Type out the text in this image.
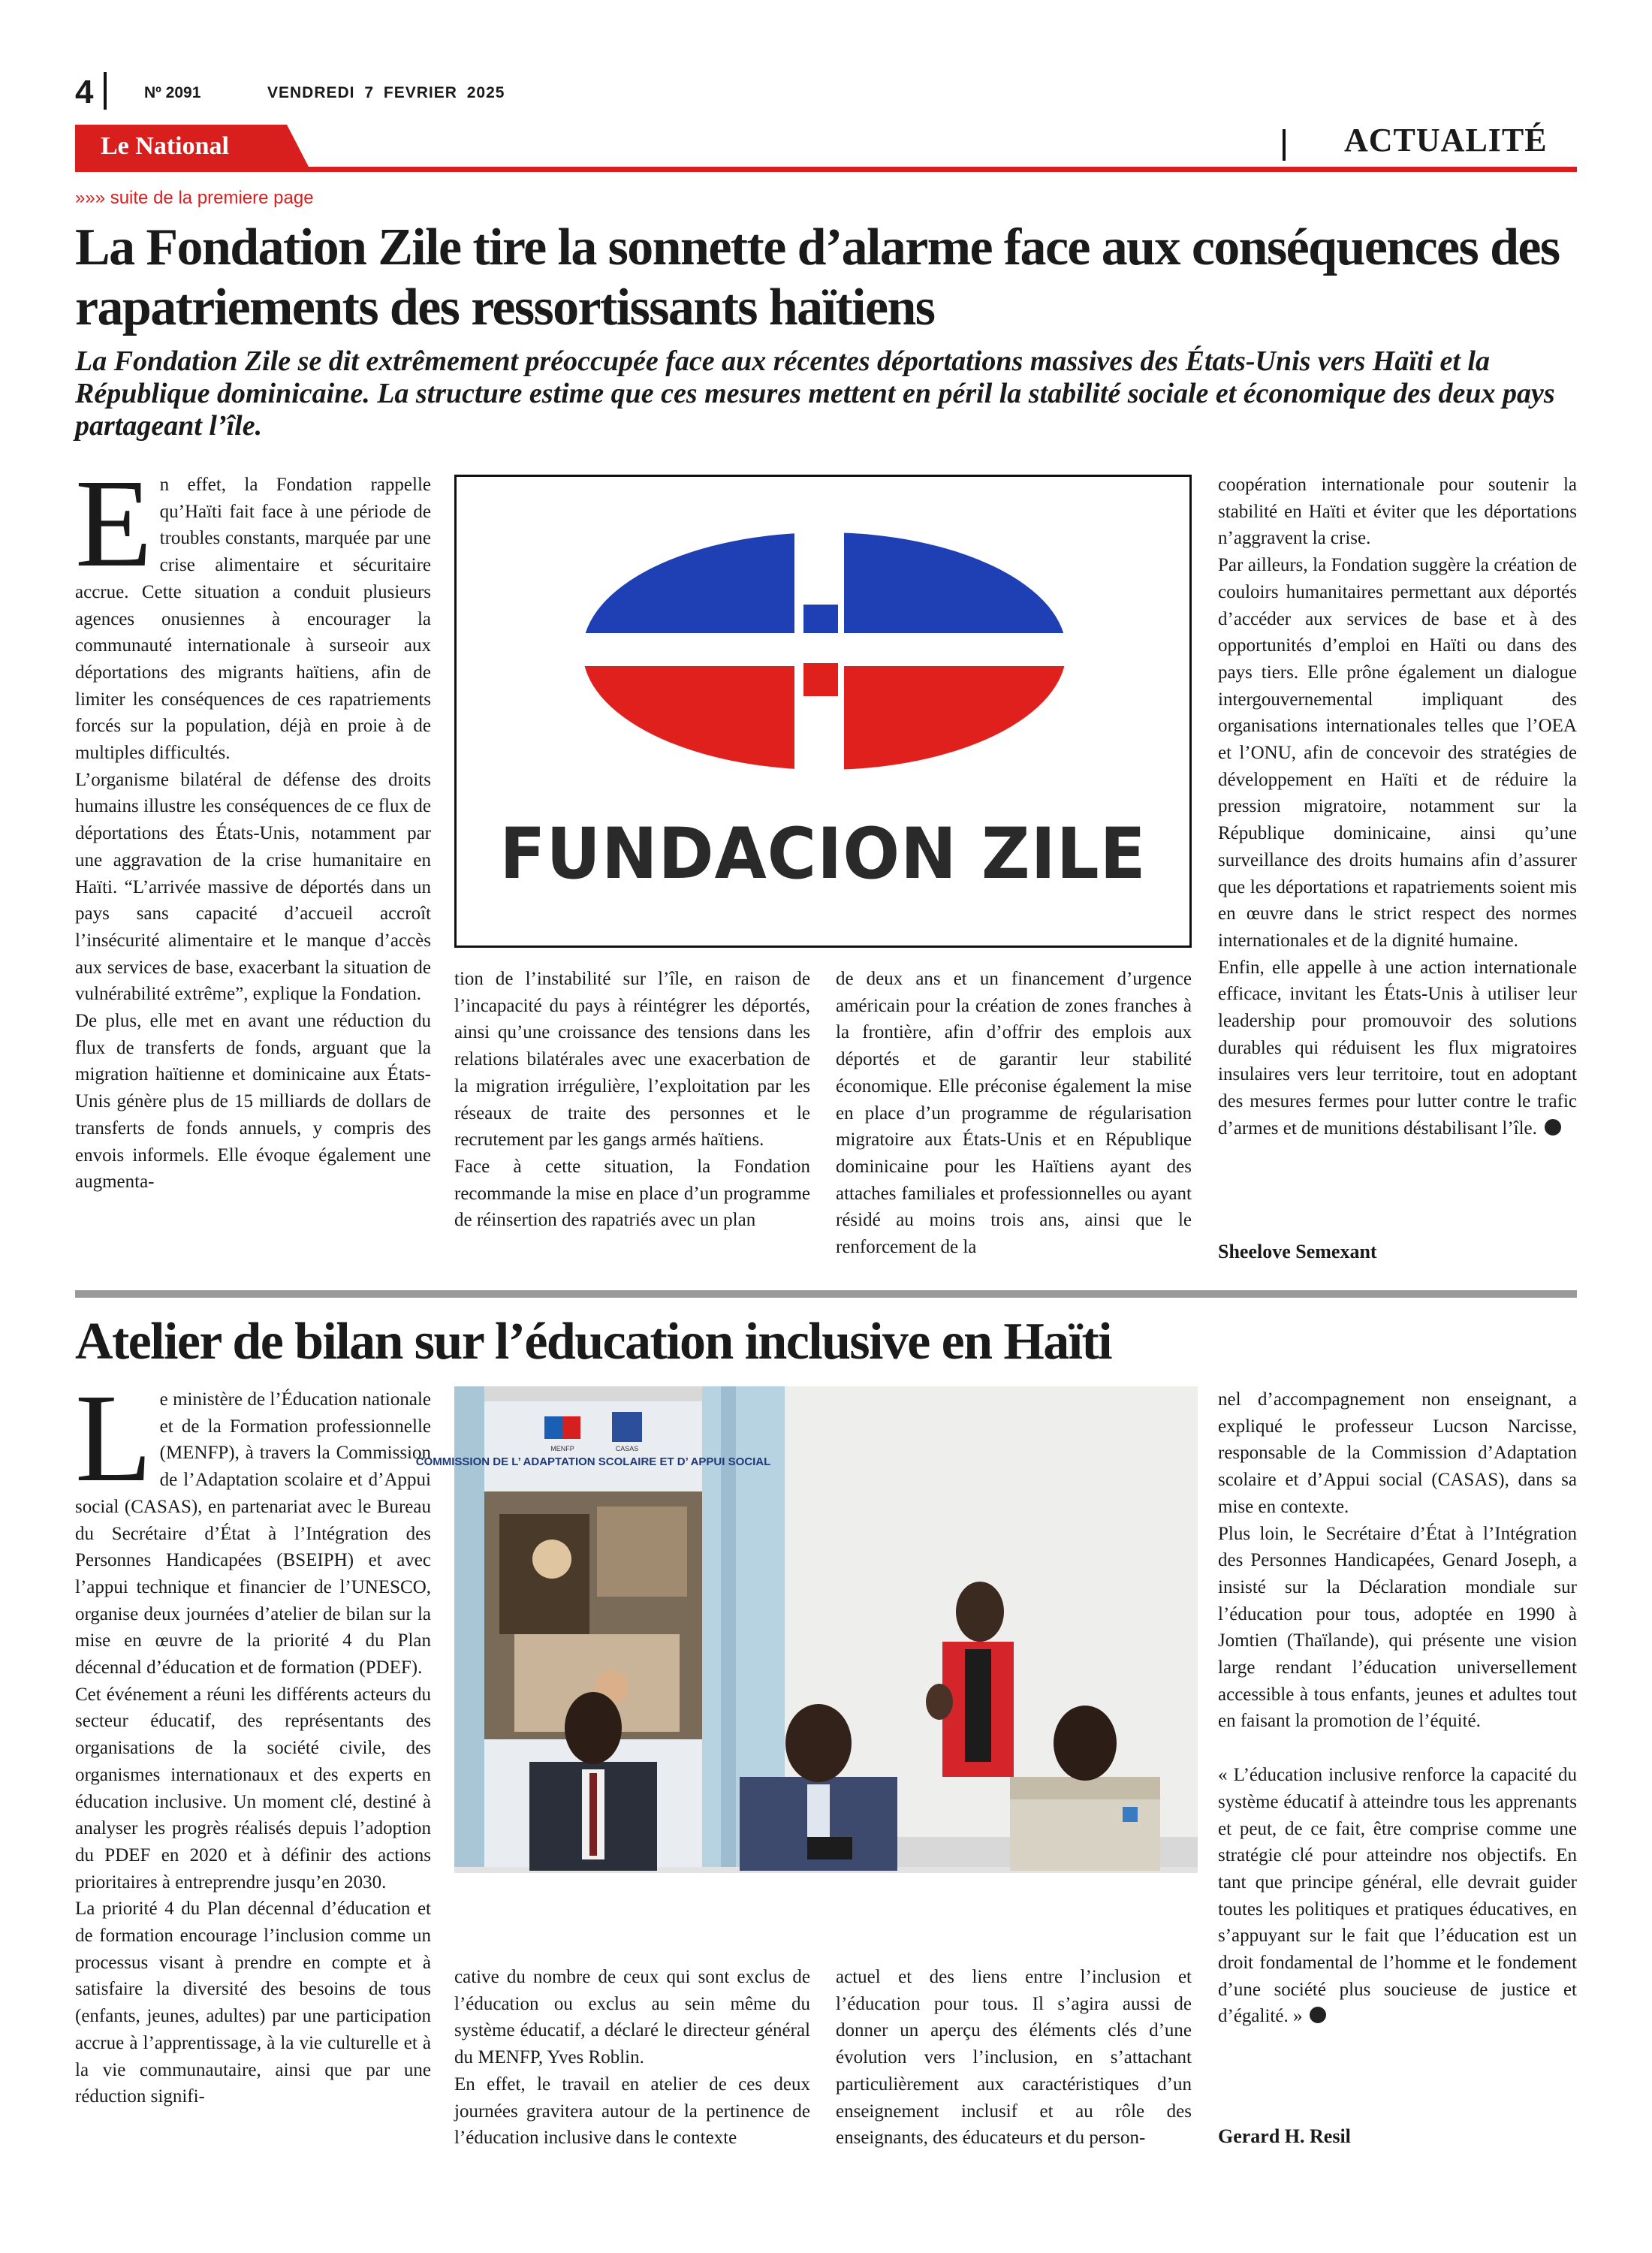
4	Nº 2091	VENDREDI 7 FEVRIER 2025
Le National	ACTUALITÉ
»»» suite de la premiere page
La Fondation Zile tire la sonnette d’alarme face aux conséquences des rapatriements des ressortissants haïtiens

La Fondation Zile se dit extrêmement préoccupée face aux récentes déportations massives des États-Unis vers Haïti et la République dominicaine. La structure estime que ces mesures mettent en péril la stabilité sociale et économique des deux pays partageant l’île.

En effet, la Fondation rappelle qu’Haïti fait face à une période de troubles constants, marquée par une crise alimentaire et sécuritaire accrue. Cette situation a conduit plusieurs agences onusiennes à encourager la communauté internationale à surseoir aux déportations des migrants haïtiens, afin de limiter les conséquences de ces rapatriements forcés sur la population, déjà en proie à de multiples difficultés.

L’organisme bilatéral de défense des droits humains illustre les conséquences de ce flux de déportations des États-Unis, notamment par une aggravation de la crise humanitaire en Haïti. “L’arrivée massive de déportés dans un pays sans capacité d’accueil accroît l’insécurité alimentaire et le manque d’accès aux services de base, exacerbant la situation de vulnérabilité extrême”, explique la Fondation.

De plus, elle met en avant une réduction du flux de transferts de fonds, arguant que la migration haïtienne et dominicaine aux États-Unis génère plus de 15 milliards de dollars de transferts de fonds annuels, y compris des envois informels. Elle évoque également une augmenta-

FUNDACION ZILE

tion de l’instabilité sur l’île, en raison de l’incapacité du pays à réintégrer les déportés, ainsi qu’une croissance des tensions dans les relations bilatérales avec une exacerbation de la migration irrégulière, l’exploitation par les réseaux de traite des personnes et le recrutement par les gangs armés haïtiens.

Face à cette situation, la Fondation recommande la mise en place d’un programme de réinsertion des rapatriés avec un plan

de deux ans et un financement d’urgence américain pour la création de zones franches à la frontière, afin d’offrir des emplois aux déportés et de garantir leur stabilité économique. Elle préconise également la mise en place d’un programme de régularisation migratoire aux États-Unis et en République dominicaine pour les Haïtiens ayant des attaches familiales et professionnelles ou ayant résidé au moins trois ans, ainsi que le renforcement de la

coopération internationale pour soutenir la stabilité en Haïti et éviter que les déportations n’aggravent la crise.

Par ailleurs, la Fondation suggère la création de couloirs humanitaires permettant aux déportés d’accéder aux services de base et à des opportunités d’emploi en Haïti ou dans des pays tiers. Elle prône également un dialogue intergouvernemental impliquant des organisations internationales telles que l’OEA et l’ONU, afin de concevoir des stratégies de développement en Haïti et de réduire la pression migratoire, notamment sur la République dominicaine, ainsi qu’une surveillance des droits humains afin d’assurer que les déportations et rapatriements soient mis en œuvre dans le strict respect des normes internationales et de la dignité humaine.

Enfin, elle appelle à une action internationale efficace, invitant les États-Unis à utiliser leur leadership pour promouvoir des solutions durables qui réduisent les flux migratoires insulaires vers leur territoire, tout en adoptant des mesures fermes pour lutter contre le trafic d’armes et de munitions déstabilisant l’île.

Sheelove Semexant
Atelier de bilan sur l’éducation inclusive en Haïti

Le ministère de l’Éducation nationale et de la Formation professionnelle (MENFP), à travers la Commission de l’Adaptation scolaire et d’Appui social (CASAS), en partenariat avec le Bureau du Secrétaire d’État à l’Intégration des Personnes Handicapées (BSEIPH) et avec l’appui technique et financier de l’UNESCO, organise deux journées d’atelier de bilan sur la mise en œuvre de la priorité 4 du Plan décennal d’éducation et de formation (PDEF).

Cet événement a réuni les différents acteurs du secteur éducatif, des représentants des organisations de la société civile, des organismes internationaux et des experts en éducation inclusive. Un moment clé, destiné à analyser les progrès réalisés depuis l’adoption du PDEF en 2020 et à définir des actions prioritaires à entreprendre jusqu’en 2030.

La priorité 4 du Plan décennal d’éducation et de formation encourage l’inclusion comme un processus visant à prendre en compte et à satisfaire la diversité des besoins de tous (enfants, jeunes, adultes) par une participation accrue à l’apprentissage, à la vie culturelle et à la vie communautaire, ainsi que par une réduction signifi-

COMMISSION DE L’ ADAPTATION SCOLAIRE ET D’ APPUI SOCIAL
MENFP	CASAS

cative du nombre de ceux qui sont exclus de l’éducation ou exclus au sein même du système éducatif, a déclaré le directeur général du MENFP, Yves Roblin.

En effet, le travail en atelier de ces deux journées gravitera autour de la pertinence de l’éducation inclusive dans le contexte

actuel et des liens entre l’inclusion et l’éducation pour tous. Il s’agira aussi de donner un aperçu des éléments clés d’une évolution vers l’inclusion, en s’attachant particulièrement aux caractéristiques d’un enseignement inclusif et au rôle des enseignants, des éducateurs et du person-

nel d’accompagnement non enseignant, a expliqué le professeur Lucson Narcisse, responsable de la Commission d’Adaptation scolaire et d’Appui social (CASAS), dans sa mise en contexte.

Plus loin, le Secrétaire d’État à l’Intégration des Personnes Handicapées, Genard Joseph, a insisté sur la Déclaration mondiale sur l’éducation pour tous, adoptée en 1990 à Jomtien (Thaïlande), qui présente une vision large rendant l’éducation universellement accessible à tous enfants, jeunes et adultes tout en faisant la promotion de l’équité.

« L’éducation inclusive renforce la capacité du système éducatif à atteindre tous les apprenants et peut, de ce fait, être comprise comme une stratégie clé pour atteindre nos objectifs. En tant que principe général, elle devrait guider toutes les politiques et pratiques éducatives, en s’appuyant sur le fait que l’éducation est un droit fondamental de l’homme et le fondement d’une société plus soucieuse de justice et d’égalité. »

Gerard H. Resil
